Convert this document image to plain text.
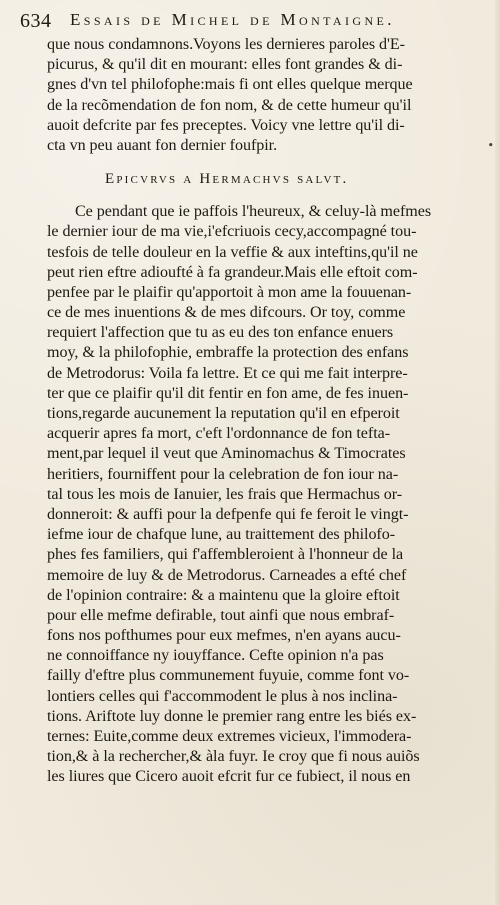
634 Essais de Michel de Montaigne.
que nous condamnons.Voyons les dernieres paroles d'E-
picurus, & qu'il dit en mourant: elles font grandes & di-
gnes d'vn tel philofophe:mais fi ont elles quelque merque
de la recõmendation de fon nom, & de cette humeur qu'il
auoit defcrite par fes preceptes. Voicy vne lettre qu'il di-
cta vn peu auant fon dernier foufpir.
Epicvrvs a Hermachvs salvt.
Ce pendant que ie paffois l'heureux, & celuy-là mefmes
le dernier iour de ma vie,i'efcriuois cecy,accompagné tou-
tesfois de telle douleur en la veffie & aux inteftins,qu'il ne
peut rien eftre adioufté à fa grandeur.Mais elle eftoit com-
penfee par le plaifir qu'apportoit à mon ame la fouuenan-
ce de mes inuentions & de mes difcours. Or toy, comme
requiert l'affection que tu as eu des ton enfance enuers
moy, & la philofophie, embraffe la protection des enfans
de Metrodorus: Voila fa lettre. Et ce qui me fait interpre-
ter que ce plaifir qu'il dit fentir en fon ame, de fes inuen-
tions,regarde aucunement la reputation qu'il en efperoit
acquerir apres fa mort, c'eft l'ordonnance de fon tefta-
ment,par lequel il veut que Aminomachus & Timocrates
heritiers, fourniffent pour la celebration de fon iour na-
tal tous les mois de Ianuier, les frais que Hermachus or-
donneroit: & auffi pour la defpenfe qui fe feroit le vingt-
iefme iour de chafque lune, au traittement des philofo-
phes fes familiers, qui f'affembleroient à l'honneur de la
memoire de luy & de Metrodorus. Carneades a efté chef
de l'opinion contraire: & a maintenu que la gloire eftoit
pour elle mefme defirable, tout ainfi que nous embraf-
fons nos pofthumes pour eux mefmes, n'en ayans aucu-
ne connoiffance ny iouyffance. Cefte opinion n'a pas
failly d'eftre plus communement fuyuie, comme font vo-
lontiers celles qui f'accommodent le plus à nos inclina-
tions. Ariftote luy donne le premier rang entre les biés ex-
ternes: Euite,comme deux extremes vicieux, l'immodera-
tion,& à la rechercher,& àla fuyr. Ie croy que fi nous auiõs
les liures que Cicero auoit efcrit fur ce fubiect, il nous en
•
